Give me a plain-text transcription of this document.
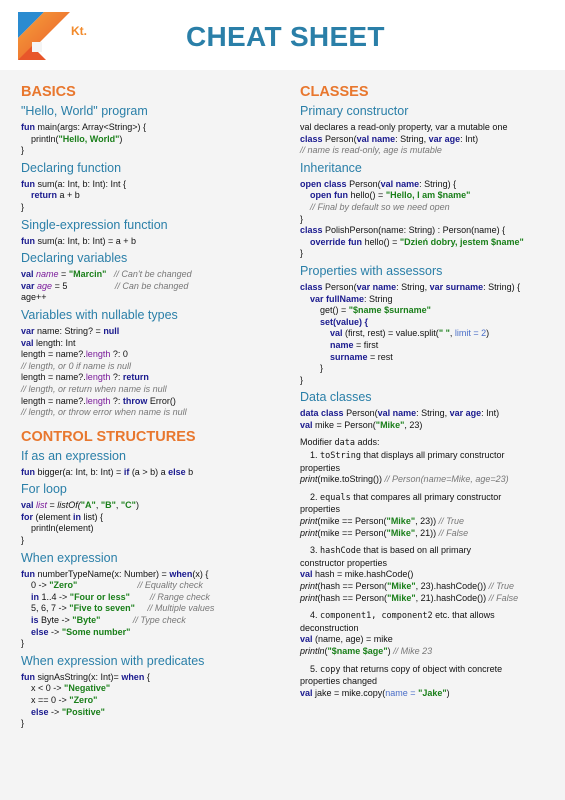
Kt.	CHEAT SHEET
BASICS
"Hello, World" program
fun main(args: Array<String>) {
println("Hello, World")
}
Declaring function
fun sum(a: Int, b: Int): Int {
return a + b
}
Single-expression function
fun sum(a: Int, b: Int) = a + b
Declaring variables
val name = "Marcin" // Can't be changed
var age = 5	// Can be changed
age++
Variables with nullable types
var name: String? = null
val length: Int
length = name?.length ?: 0
// length, or 0 if name is null
length = name?.length ?: return
// length, or return when name is null
length = name?.length ?: throw Error()
// length, or throw error when name is null
CONTROL STRUCTURES
If as an expression
fun bigger(a: Int, b: Int) = if (a > b) a else b
For loop
val list = listOf("A", "B", "C")
for (element in list) {
println(element)
}
When expression
fun numberTypeName(x: Number) = when(x) {
0 -> "Zero"	// Equality check
in 1..4 -> "Four or less" // Range check
5, 6, 7 -> "Five to seven" // Multiple values
is Byte -> "Byte"	// Type check
else -> "Some number"
}
When expression with predicates
fun signAsString(x: Int)= when {
x < 0 -> "Negative"
x == 0 -> "Zero"
else -> "Positive"
}
CLASSES
Primary constructor
val declares a read-only property, var a mutable one
class Person(val name: String, var age: Int)
// name is read-only, age is mutable
Inheritance
open class Person(val name: String) {
open fun hello() = "Hello, I am $name"
// Final by default so we need open
}
class PolishPerson(name: String) : Person(name) {
override fun hello() = "Dzień dobry, jestem $name"
}
Properties with assessors
class Person(var name: String, var surname: String) {
var fullName: String
get() = "$name $surname"
set(value) {
val (first, rest) = value.split(" ", limit = 2)
name = first
surname = rest
}
}
Data classes
data class Person(val name: String, var age: Int)
val mike = Person("Mike", 23)
Modifier data adds:
1. toString that displays all primary constructor
properties
print(mike.toString()) // Person(name=Mike, age=23)
2. equals that compares all primary constructor
properties
print(mike == Person("Mike", 23)) // True
print(mike == Person("Mike", 21)) // False
3. hashCode that is based on all primary
constructor properties
val hash = mike.hashCode()
print(hash == Person("Mike", 23).hashCode()) // True
print(hash == Person("Mike", 21).hashCode()) // False
4. component1, component2 etc. that allows
deconstruction
val (name, age) = mike
println("$name $age") // Mike 23
5. copy that returns copy of object with concrete
properties changed
val jake = mike.copy(name = "Jake")
